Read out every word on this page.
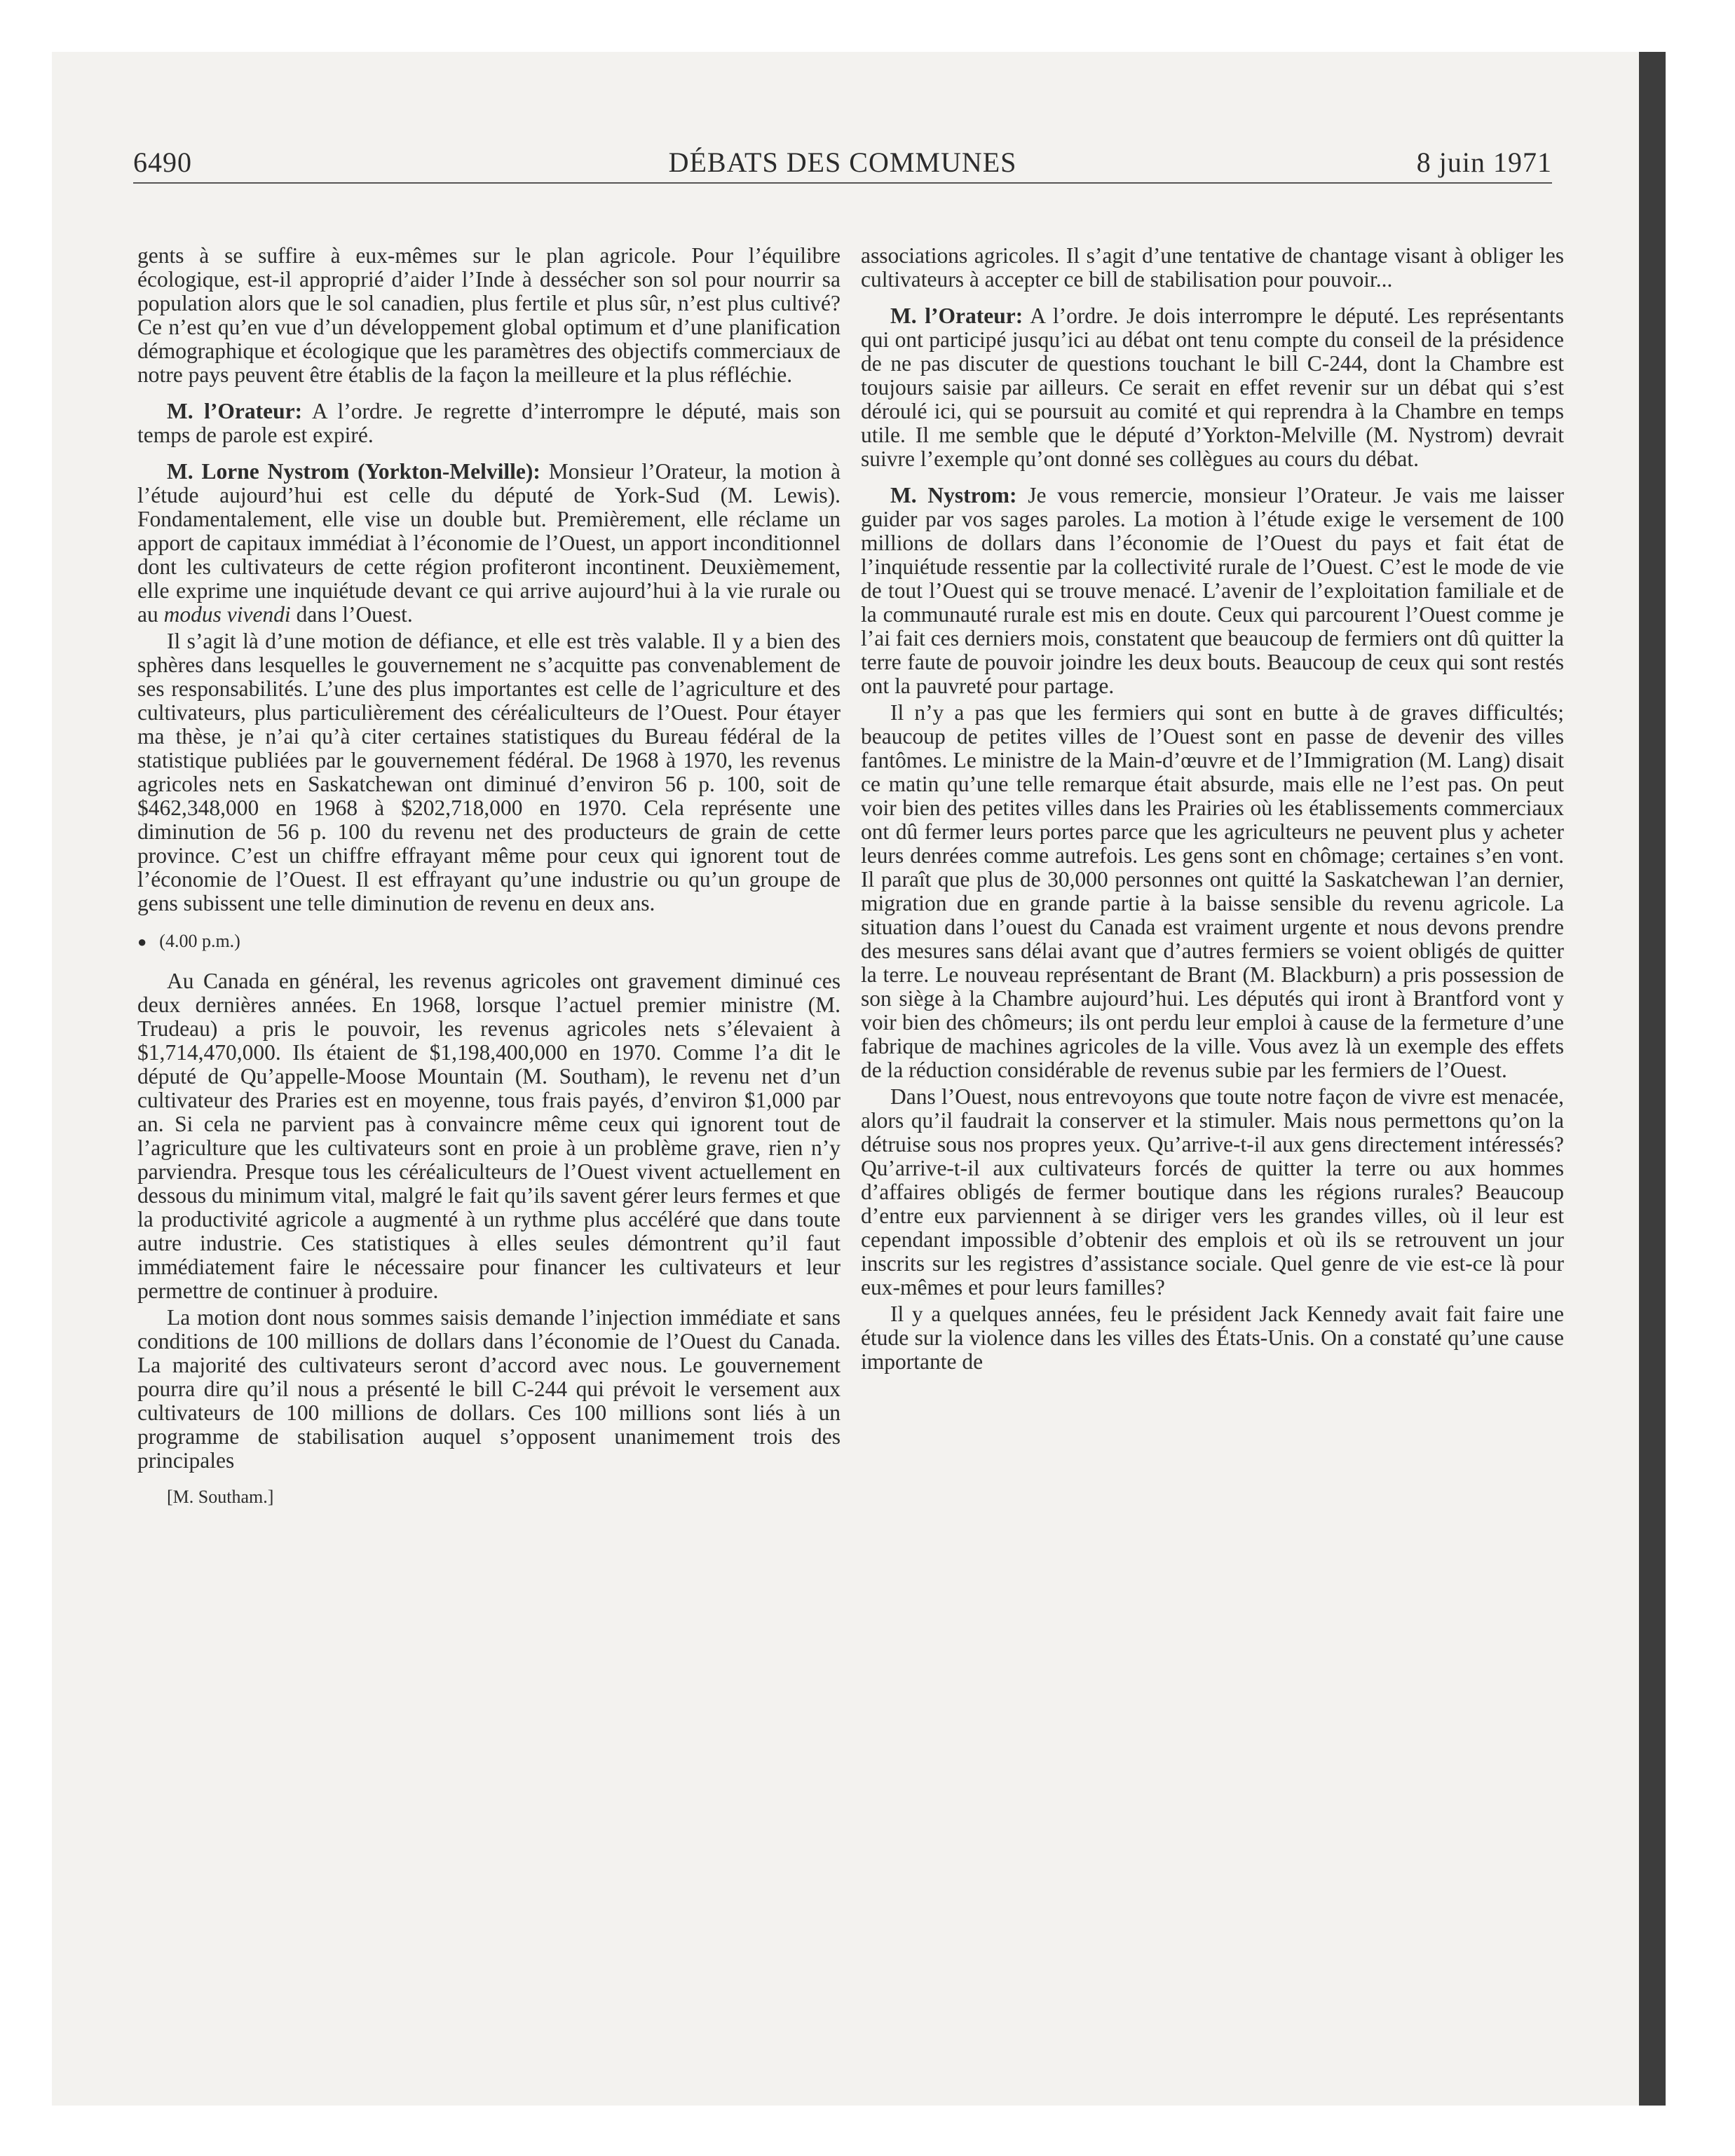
6490	DÉBATS DES COMMUNES	8 juin 1971

gents à se suffire à eux-mêmes sur le plan agricole. Pour l’équilibre écologique, est-il approprié d’aider l’Inde à dessécher son sol pour nourrir sa population alors que le sol canadien, plus fertile et plus sûr, n’est plus cultivé? Ce n’est qu’en vue d’un développement global optimum et d’une planification démographique et écologique que les paramètres des objectifs commerciaux de notre pays peuvent être établis de la façon la meilleure et la plus réfléchie.

M. l’Orateur: A l’ordre. Je regrette d’interrompre le député, mais son temps de parole est expiré.

M. Lorne Nystrom (Yorkton-Melville): Monsieur l’Orateur, la motion à l’étude aujourd’hui est celle du député de York-Sud (M. Lewis). Fondamentalement, elle vise un double but. Premièrement, elle réclame un apport de capitaux immédiat à l’économie de l’Ouest, un apport inconditionnel dont les cultivateurs de cette région profiteront incontinent. Deuxièmement, elle exprime une inquiétude devant ce qui arrive aujourd’hui à la vie rurale ou au modus vivendi dans l’Ouest.

Il s’agit là d’une motion de défiance, et elle est très valable. Il y a bien des sphères dans lesquelles le gouvernement ne s’acquitte pas convenablement de ses responsabilités. L’une des plus importantes est celle de l’agriculture et des cultivateurs, plus particulièrement des céréaliculteurs de l’Ouest. Pour étayer ma thèse, je n’ai qu’à citer certaines statistiques du Bureau fédéral de la statistique publiées par le gouvernement fédéral. De 1968 à 1970, les revenus agricoles nets en Saskatchewan ont diminué d’environ 56 p. 100, soit de $462,348,000 en 1968 à $202,718,000 en 1970. Cela représente une diminution de 56 p. 100 du revenu net des producteurs de grain de cette province. C’est un chiffre effrayant même pour ceux qui ignorent tout de l’économie de l’Ouest. Il est effrayant qu’une industrie ou qu’un groupe de gens subissent une telle diminution de revenu en deux ans.

● (4.00 p.m.)

Au Canada en général, les revenus agricoles ont gravement diminué ces deux dernières années. En 1968, lorsque l’actuel premier ministre (M. Trudeau) a pris le pouvoir, les revenus agricoles nets s’élevaient à $1,714,470,000. Ils étaient de $1,198,400,000 en 1970. Comme l’a dit le député de Qu’appelle-Moose Mountain (M. Southam), le revenu net d’un cultivateur des Praries est en moyenne, tous frais payés, d’environ $1,000 par an. Si cela ne parvient pas à convaincre même ceux qui ignorent tout de l’agriculture que les cultivateurs sont en proie à un problème grave, rien n’y parviendra. Presque tous les céréaliculteurs de l’Ouest vivent actuellement en dessous du minimum vital, malgré le fait qu’ils savent gérer leurs fermes et que la productivité agricole a augmenté à un rythme plus accéléré que dans toute autre industrie. Ces statistiques à elles seules démontrent qu’il faut immédiatement faire le nécessaire pour financer les cultivateurs et leur permettre de continuer à produire.

La motion dont nous sommes saisis demande l’injection immédiate et sans conditions de 100 millions de dollars dans l’économie de l’Ouest du Canada. La majorité des cultivateurs seront d’accord avec nous. Le gouvernement pourra dire qu’il nous a présenté le bill C-244 qui prévoit le versement aux cultivateurs de 100 millions de dollars. Ces 100 millions sont liés à un programme de stabilisation auquel s’opposent unanimement trois des principales

[M. Southam.]

associations agricoles. Il s’agit d’une tentative de chantage visant à obliger les cultivateurs à accepter ce bill de stabilisation pour pouvoir...

M. l’Orateur: A l’ordre. Je dois interrompre le député. Les représentants qui ont participé jusqu’ici au débat ont tenu compte du conseil de la présidence de ne pas discuter de questions touchant le bill C-244, dont la Chambre est toujours saisie par ailleurs. Ce serait en effet revenir sur un débat qui s’est déroulé ici, qui se poursuit au comité et qui reprendra à la Chambre en temps utile. Il me semble que le député d’Yorkton-Melville (M. Nystrom) devrait suivre l’exemple qu’ont donné ses collègues au cours du débat.

M. Nystrom: Je vous remercie, monsieur l’Orateur. Je vais me laisser guider par vos sages paroles. La motion à l’étude exige le versement de 100 millions de dollars dans l’économie de l’Ouest du pays et fait état de l’inquiétude ressentie par la collectivité rurale de l’Ouest. C’est le mode de vie de tout l’Ouest qui se trouve menacé. L’avenir de l’exploitation familiale et de la communauté rurale est mis en doute. Ceux qui parcourent l’Ouest comme je l’ai fait ces derniers mois, constatent que beaucoup de fermiers ont dû quitter la terre faute de pouvoir joindre les deux bouts. Beaucoup de ceux qui sont restés ont la pauvreté pour partage.

Il n’y a pas que les fermiers qui sont en butte à de graves difficultés; beaucoup de petites villes de l’Ouest sont en passe de devenir des villes fantômes. Le ministre de la Main-d’œuvre et de l’Immigration (M. Lang) disait ce matin qu’une telle remarque était absurde, mais elle ne l’est pas. On peut voir bien des petites villes dans les Prairies où les établissements commerciaux ont dû fermer leurs portes parce que les agriculteurs ne peuvent plus y acheter leurs denrées comme autrefois. Les gens sont en chômage; certaines s’en vont. Il paraît que plus de 30,000 personnes ont quitté la Saskatchewan l’an dernier, migration due en grande partie à la baisse sensible du revenu agricole. La situation dans l’ouest du Canada est vraiment urgente et nous devons prendre des mesures sans délai avant que d’autres fermiers se voient obligés de quitter la terre. Le nouveau représentant de Brant (M. Blackburn) a pris possession de son siège à la Chambre aujourd’hui. Les députés qui iront à Brantford vont y voir bien des chômeurs; ils ont perdu leur emploi à cause de la fermeture d’une fabrique de machines agricoles de la ville. Vous avez là un exemple des effets de la réduction considérable de revenus subie par les fermiers de l’Ouest.

Dans l’Ouest, nous entrevoyons que toute notre façon de vivre est menacée, alors qu’il faudrait la conserver et la stimuler. Mais nous permettons qu’on la détruise sous nos propres yeux. Qu’arrive-t-il aux gens directement intéressés? Qu’arrive-t-il aux cultivateurs forcés de quitter la terre ou aux hommes d’affaires obligés de fermer boutique dans les régions rurales? Beaucoup d’entre eux parviennent à se diriger vers les grandes villes, où il leur est cependant impossible d’obtenir des emplois et où ils se retrouvent un jour inscrits sur les registres d’assistance sociale. Quel genre de vie est-ce là pour eux-mêmes et pour leurs familles?

Il y a quelques années, feu le président Jack Kennedy avait fait faire une étude sur la violence dans les villes des États-Unis. On a constaté qu’une cause importante de
